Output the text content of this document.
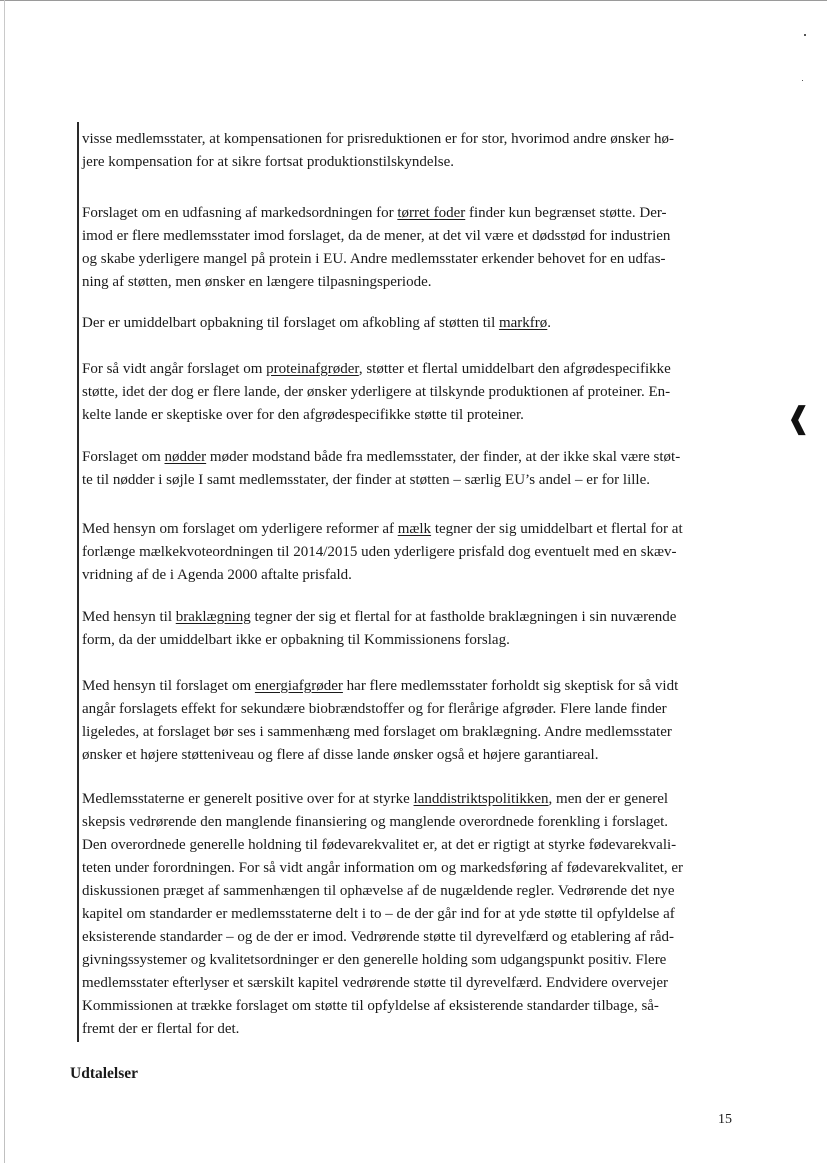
❰

visse medlemsstater, at kompensationen for prisreduktionen er for stor, hvorimod andre ønsker hø-
jere kompensation for at sikre fortsat produktionstilskyndelse.

Forslaget om en udfasning af markedsordningen for tørret foder finder kun begrænset støtte. Der-
imod er flere medlemsstater imod forslaget, da de mener, at det vil være et dødsstød for industrien
og skabe yderligere mangel på protein i EU. Andre medlemsstater erkender behovet for en udfas-
ning af støtten, men ønsker en længere tilpasningsperiode.

Der er umiddelbart opbakning til forslaget om afkobling af støtten til markfrø.

For så vidt angår forslaget om proteinafgrøder, støtter et flertal umiddelbart den afgrødespecifikke
støtte, idet der dog er flere lande, der ønsker yderligere at tilskynde produktionen af proteiner. En-
kelte lande er skeptiske over for den afgrødespecifikke støtte til proteiner.

Forslaget om nødder møder modstand både fra medlemsstater, der finder, at der ikke skal være støt-
te til nødder i søjle I samt medlemsstater, der finder at støtten – særlig EU’s andel – er for lille.

Med hensyn om forslaget om yderligere reformer af mælk tegner der sig umiddelbart et flertal for at
forlænge mælkekvoteordningen til 2014/2015 uden yderligere prisfald dog eventuelt med en skæv-
vridning af de i Agenda 2000 aftalte prisfald.

Med hensyn til braklægning tegner der sig et flertal for at fastholde braklægningen i sin nuværende
form, da der umiddelbart ikke er opbakning til Kommissionens forslag.

Med hensyn til forslaget om energiafgrøder har flere medlemsstater forholdt sig skeptisk for så vidt
angår forslagets effekt for sekundære biobrændstoffer og for flerårige afgrøder. Flere lande finder
ligeledes, at forslaget bør ses i sammenhæng med forslaget om braklægning. Andre medlemsstater
ønsker et højere støtteniveau og flere af disse lande ønsker også et højere garantiareal.

Medlemsstaterne er generelt positive over for at styrke landdistriktspolitikken, men der er generel
skepsis vedrørende den manglende finansiering og manglende overordnede forenkling i forslaget.
Den overordnede generelle holdning til fødevarekvalitet er, at det er rigtigt at styrke fødevarekvali-
teten under forordningen. For så vidt angår information om og markedsføring af fødevarekvalitet, er
diskussionen præget af sammenhængen til ophævelse af de nugældende regler. Vedrørende det nye
kapitel om standarder er medlemsstaterne delt i to – de der går ind for at yde støtte til opfyldelse af
eksisterende standarder – og de der er imod. Vedrørende støtte til dyrevelfærd og etablering af råd-
givningssystemer og kvalitetsordninger er den generelle holding som udgangspunkt positiv. Flere
medlemsstater efterlyser et særskilt kapitel vedrørende støtte til dyrevelfærd. Endvidere overvejer
Kommissionen at trække forslaget om støtte til opfyldelse af eksisterende standarder tilbage, så-
fremt der er flertal for det.

Udtalelser
15
